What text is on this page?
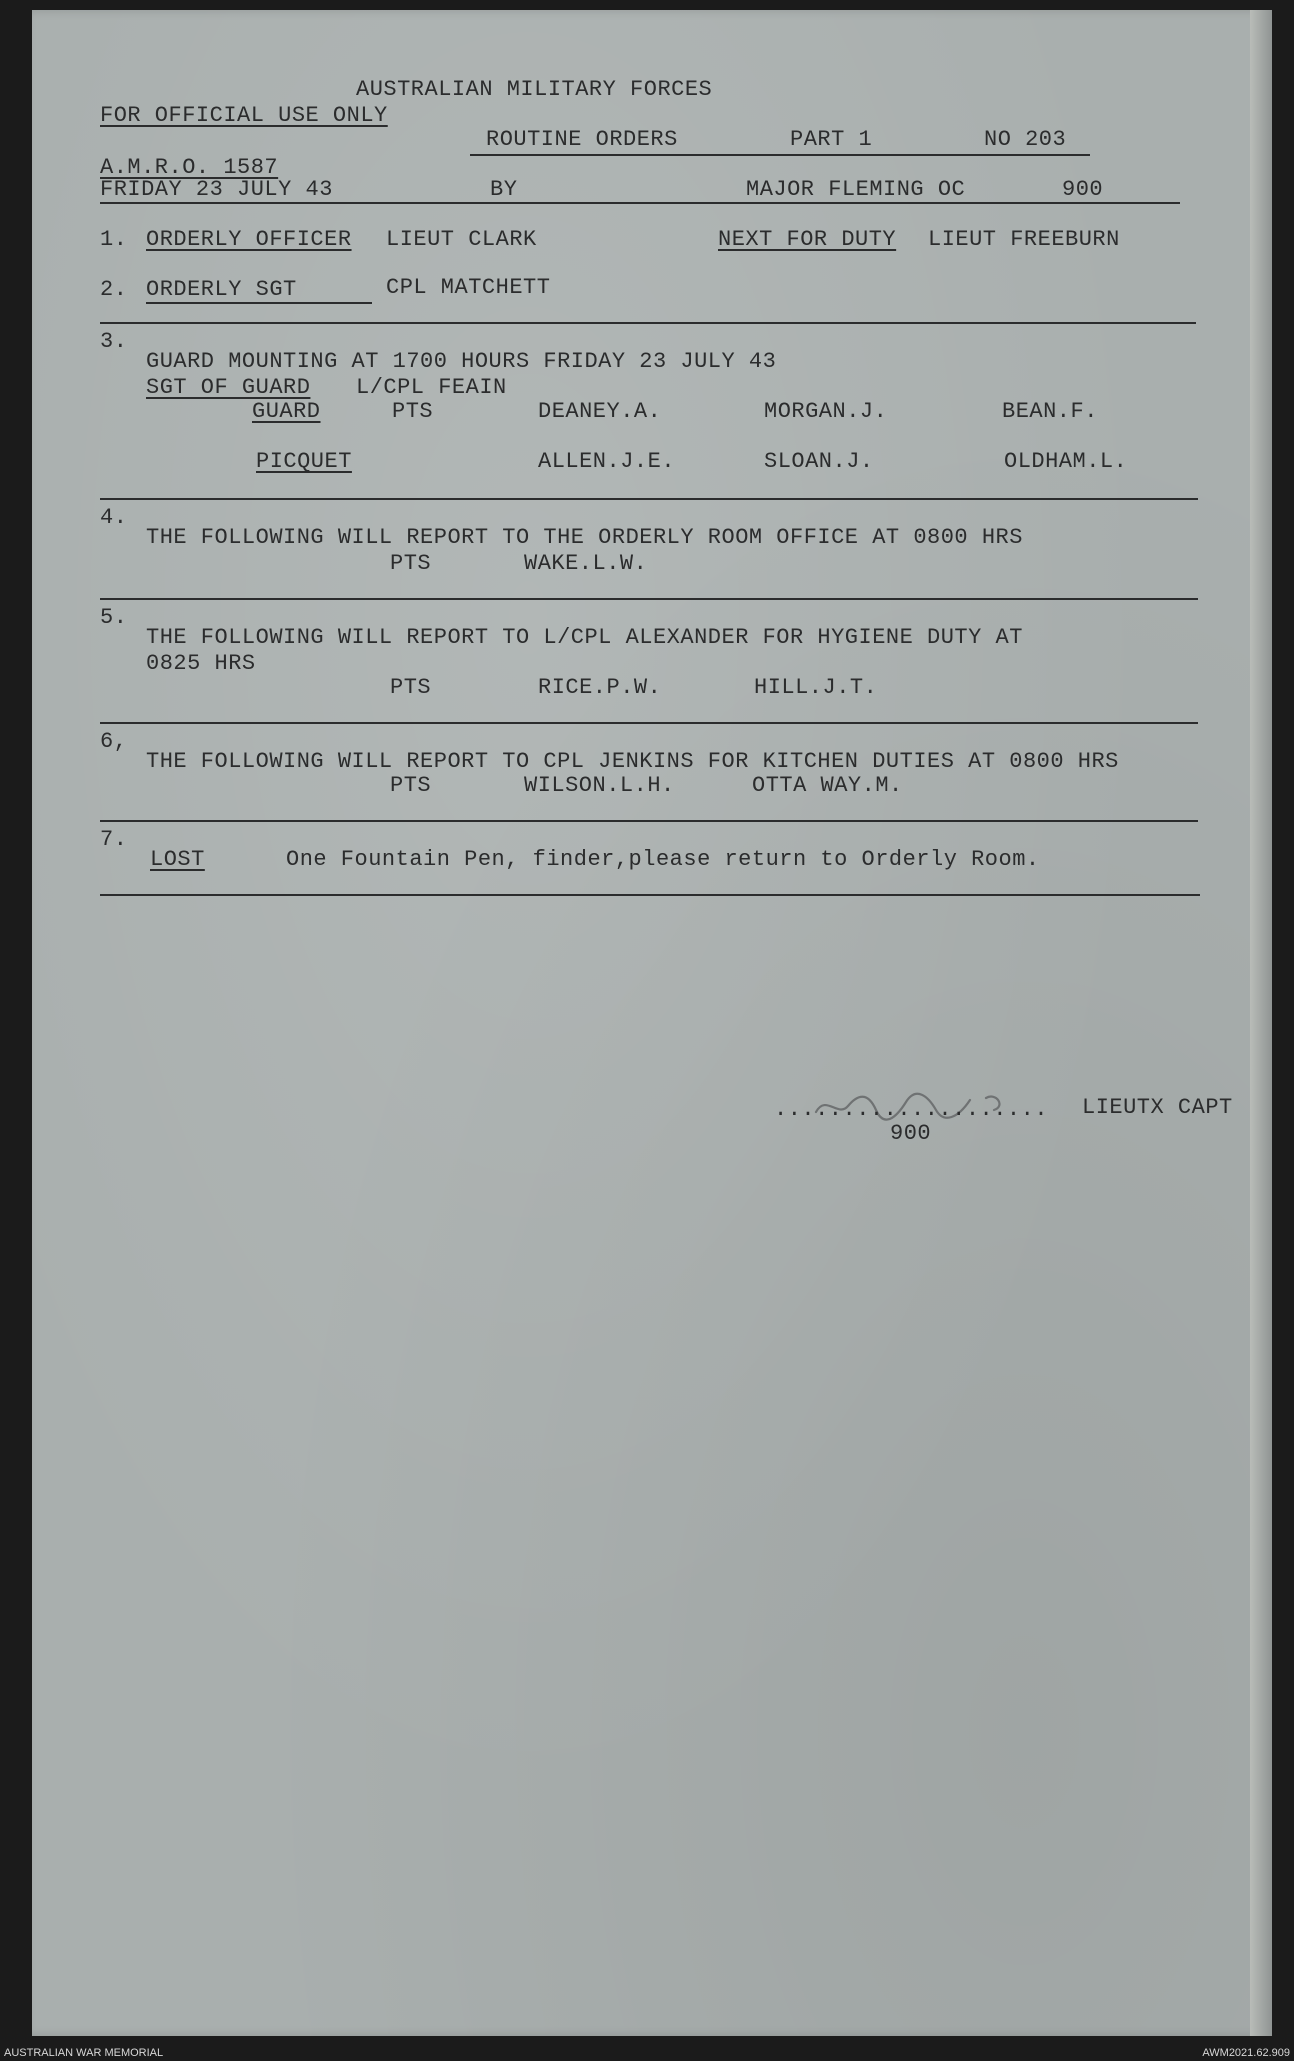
AUSTRALIAN MILITARY FORCES
FOR OFFICIAL USE ONLY
ROUTINE ORDERS	PART 1	NO 203
A.M.R.O. 1587
FRIDAY 23 JULY 43	BY	MAJOR FLEMING OC	900
1. ORDERLY OFFICER LIEUT CLARK	NEXT FOR DUTY LIEUT FREEBURN
2. ORDERLY SGT	CPL MATCHETT
3.
GUARD MOUNTING AT 1700 HOURS FRIDAY 23 JULY 43
SGT OF GUARD L/CPL FEAIN
GUARD	PTS	DEANEY.A.	MORGAN.J.	BEAN.F.
PICQUET	ALLEN.J.E.	SLOAN.J.	OLDHAM.L.
4.
THE FOLLOWING WILL REPORT TO THE ORDERLY ROOM OFFICE AT 0800 HRS
PTS	WAKE.L.W.
5.
THE FOLLOWING WILL REPORT TO L/CPL ALEXANDER FOR HYGIENE DUTY AT
0825 HRS
PTS	RICE.P.W.	HILL.J.T.
6,
THE FOLLOWING WILL REPORT TO CPL JENKINS FOR KITCHEN DUTIES AT 0800 HRS
PTS	WILSON.L.H.	OTTA WAY.M.
7.
LOST	One Fountain Pen, finder,please return to Orderly Room.
.................... LIEUTX CAPT
900
AUSTRALIAN WAR MEMORIAL	AWM2021.62.909
